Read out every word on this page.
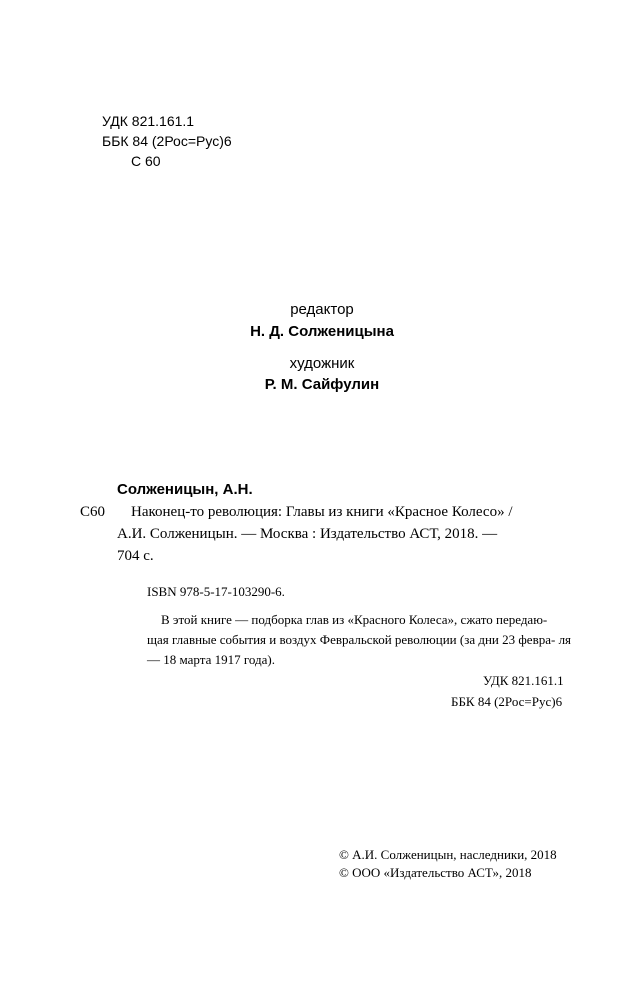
УДК 821.161.1
ББК 84 (2Рос=Рус)6
С 60
редактор
Н. Д. Солженицына
художник
Р. М. Сайфулин
Солженицын, А.Н.
С60 Наконец-то революция: Главы из книги «Красное Колесо» /
А.И. Солженицын. — Москва : Издательство АСТ, 2018. —
704 с.
ISBN 978-5-17-103290-6.
В этой книге — подборка глав из «Красного Колеса», сжато передаю-
щая главные события и воздух Февральской революции (за дни 23 февра- ля
— 18 марта 1917 года).
УДК 821.161.1
ББК 84 (2Рос=Рус)6
© А.И. Солженицын, наследники, 2018
© ООО «Издательство АСТ», 2018
